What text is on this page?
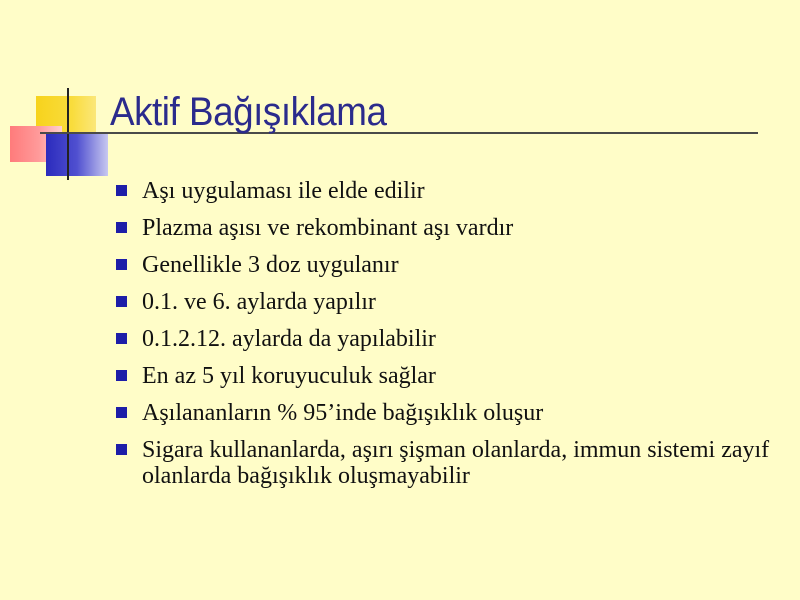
Aktif Bağışıklama
Aşı uygulaması ile elde edilir
Plazma aşısı ve rekombinant aşı vardır
Genellikle 3 doz uygulanır
0.1. ve 6. aylarda yapılır
0.1.2.12. aylarda da yapılabilir
En az 5 yıl koruyuculuk sağlar
Aşılananların % 95’inde bağışıklık oluşur
Sigara kullananlarda, aşırı şişman olanlarda, immun sistemi zayıf olanlarda bağışıklık oluşmayabilir
